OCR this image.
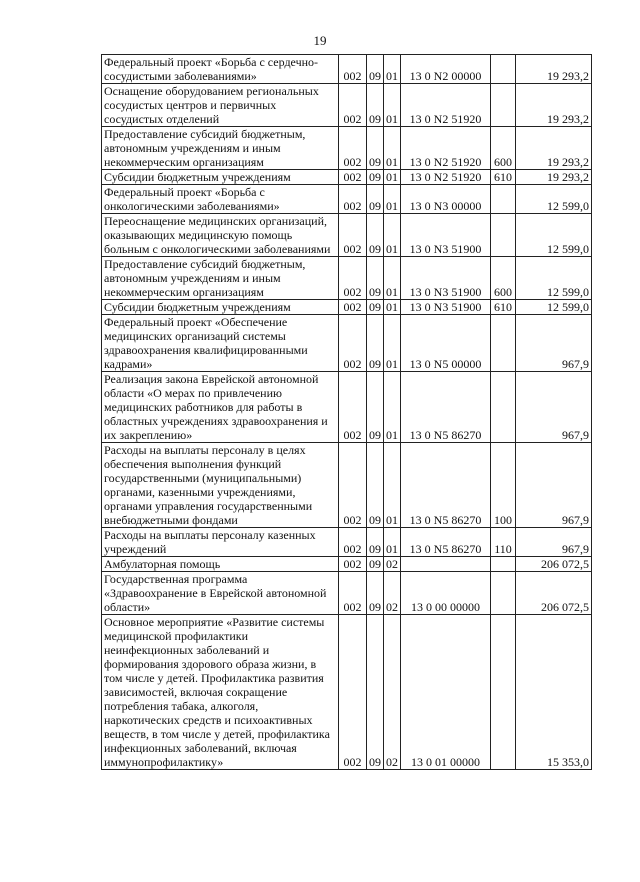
19
Федеральный проект «Борьба с сердечно-сосудистыми заболеваниями»	002	09	01	13 0 N2 00000		19 293,2
Оснащение оборудованием региональных сосудистых центров и первичных сосудистых отделений	002	09	01	13 0 N2 51920		19 293,2
Предоставление субсидий бюджетным, автономным учреждениям и иным некоммерческим организациям	002	09	01	13 0 N2 51920	600	19 293,2
Субсидии бюджетным учреждениям	002	09	01	13 0 N2 51920	610	19 293,2
Федеральный проект «Борьба с онкологическими заболеваниями»	002	09	01	13 0 N3 00000		12 599,0
Переоснащение медицинских организаций, оказывающих медицинскую помощь больным с онкологическими заболеваниями	002	09	01	13 0 N3 51900		12 599,0
Предоставление субсидий бюджетным, автономным учреждениям и иным некоммерческим организациям	002	09	01	13 0 N3 51900	600	12 599,0
Субсидии бюджетным учреждениям	002	09	01	13 0 N3 51900	610	12 599,0
Федеральный проект «Обеспечение медицинских организаций системы здравоохранения квалифицированными кадрами»	002	09	01	13 0 N5 00000		967,9
Реализация закона Еврейской автономной области «О мерах по привлечению медицинских работников для работы в областных учреждениях здравоохранения и их закреплению»	002	09	01	13 0 N5 86270		967,9
Расходы на выплаты персоналу в целях обеспечения выполнения функций государственными (муниципальными) органами, казенными учреждениями, органами управления государственными внебюджетными фондами	002	09	01	13 0 N5 86270	100	967,9
Расходы на выплаты персоналу казенных учреждений	002	09	01	13 0 N5 86270	110	967,9
Амбулаторная помощь	002	09	02			206 072,5
Государственная программа «Здравоохранение в Еврейской автономной области»	002	09	02	13 0 00 00000		206 072,5
Основное мероприятие «Развитие системы медицинской профилактики неинфекционных заболеваний и формирования здорового образа жизни, в том числе у детей. Профилактика развития зависимостей, включая сокращение потребления табака, алкоголя, наркотических средств и психоактивных веществ, в том числе у детей, профилактика инфекционных заболеваний, включая иммунопрофилактику»	002	09	02	13 0 01 00000		15 353,0
